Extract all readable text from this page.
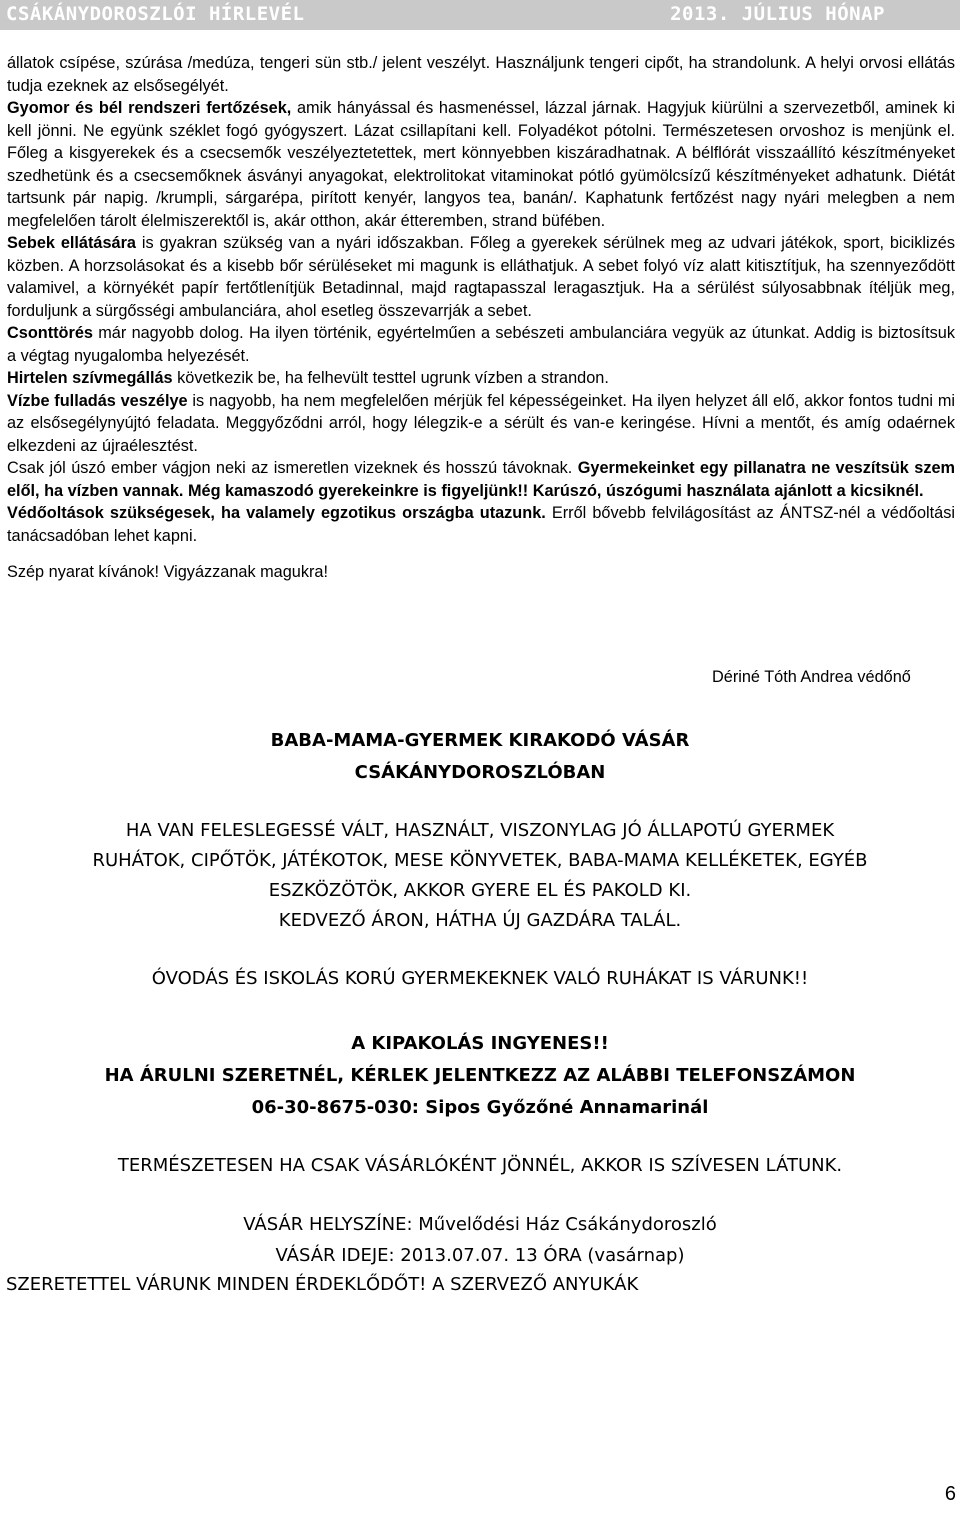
CSÁKÁNYDOROSZLÓI HÍRLEVÉL	2013. JÚLIUS HÓNAP

állatok csípése, szúrása /medúza, tengeri sün stb./ jelent veszélyt. Használjunk tengeri cipőt, ha strandolunk. A helyi orvosi ellátás tudja ezeknek az elsősegélyét.

Gyomor és bél rendszeri fertőzések, amik hányással és hasmenéssel, lázzal járnak. Hagyjuk kiürülni a szervezetből, aminek ki kell jönni. Ne együnk széklet fogó gyógyszert. Lázat csillapítani kell. Folyadékot pótolni. Természetesen orvoshoz is menjünk el. Főleg a kisgyerekek és a csecsemők veszélyeztetettek, mert könnyebben kiszáradhatnak. A bélflórát visszaállító készítményeket szedhetünk és a csecsemőknek ásványi anyagokat, elektrolitokat vitaminokat pótló gyümölcsízű készítményeket adhatunk. Diétát tartsunk pár napig. /krumpli, sárgarépa, pirított kenyér, langyos tea, banán/. Kaphatunk fertőzést nagy nyári melegben a nem megfelelően tárolt élelmiszerektől is, akár otthon, akár étteremben, strand büfében.

Sebek ellátására is gyakran szükség van a nyári időszakban. Főleg a gyerekek sérülnek meg az udvari játékok, sport, biciklizés közben. A horzsolásokat és a kisebb bőr sérüléseket mi magunk is elláthatjuk. A sebet folyó víz alatt kitisztítjuk, ha szennyeződött valamivel, a környékét papír fertőtlenítjük Betadinnal, majd ragtapasszal leragasztjuk. Ha a sérülést súlyosabbnak ítéljük meg, forduljunk a sürgősségi ambulanciára, ahol esetleg összevarrják a sebet.

Csonttörés már nagyobb dolog. Ha ilyen történik, egyértelműen a sebészeti ambulanciára vegyük az útunkat. Addig is biztosítsuk a végtag nyugalomba helyezését.

Hirtelen szívmegállás következik be, ha felhevült testtel ugrunk vízben a strandon.

Vízbe fulladás veszélye is nagyobb, ha nem megfelelően mérjük fel képességeinket. Ha ilyen helyzet áll elő, akkor fontos tudni mi az elsősegélynyújtó feladata. Meggyőződni arról, hogy lélegzik-e a sérült és van-e keringése. Hívni a mentőt, és amíg odaérnek elkezdeni az újraélesztést.

Csak jól úszó ember vágjon neki az ismeretlen vizeknek és hosszú távoknak. Gyermekeinket egy pillanatra ne veszítsük szem elől, ha vízben vannak. Még kamaszodó gyerekeinkre is figyeljünk!! Karúszó, úszógumi használata ajánlott a kicsiknél.

Védőoltások szükségesek, ha valamely egzotikus országba utazunk. Erről bővebb felvilágosítást az ÁNTSZ-nél a védőoltási tanácsadóban lehet kapni.

Szép nyarat kívánok! Vigyázzanak magukra!

Dériné Tóth Andrea védőnő
BABA-MAMA-GYERMEK KIRAKODÓ VÁSÁR
CSÁKÁNYDOROSZLÓBAN
HA VAN FELESLEGESSÉ VÁLT, HASZNÁLT, VISZONYLAG JÓ ÁLLAPOTÚ GYERMEK
RUHÁTOK, CIPŐTÖK, JÁTÉKOTOK, MESE KÖNYVETEK, BABA-MAMA KELLÉKETEK, EGYÉB
ESZKÖZÖTÖK, AKKOR GYERE EL ÉS PAKOLD KI.
KEDVEZŐ ÁRON, HÁTHA ÚJ GAZDÁRA TALÁL.
ÓVODÁS ÉS ISKOLÁS KORÚ GYERMEKEKNEK VALÓ RUHÁKAT IS VÁRUNK!!
A KIPAKOLÁS INGYENES!!
HA ÁRULNI SZERETNÉL, KÉRLEK JELENTKEZZ AZ ALÁBBI TELEFONSZÁMON
06-30-8675-030: Sipos Győzőné Annamarinál
TERMÉSZETESEN HA CSAK VÁSÁRLÓKÉNT JÖNNÉL, AKKOR IS SZÍVESEN LÁTUNK.
VÁSÁR HELYSZÍNE: Művelődési Ház Csákánydoroszló
VÁSÁR IDEJE: 2013.07.07. 13 ÓRA (vasárnap)
SZERETETTEL VÁRUNK MINDEN ÉRDEKLŐDŐT! A SZERVEZŐ ANYUKÁK
6
